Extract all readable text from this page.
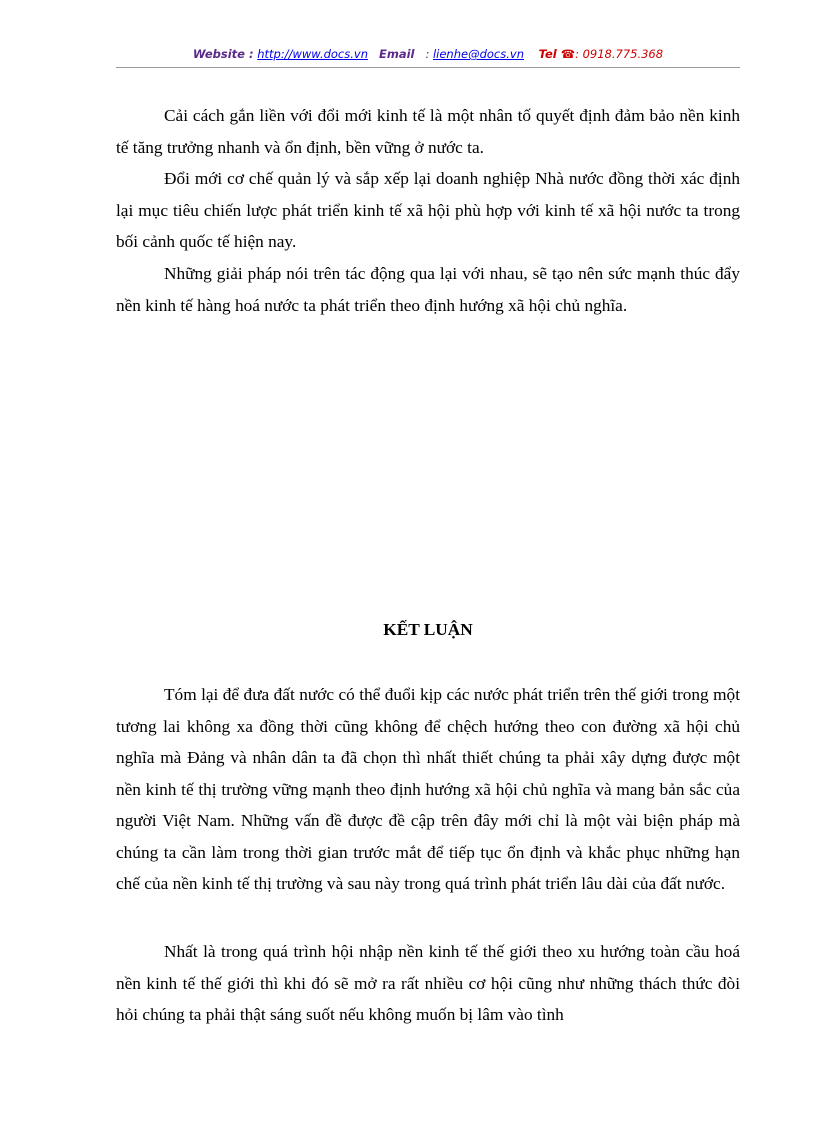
Website : http://www.docs.vn Email : lienhe@docs.vn Tel ☎: 0918.775.368

Cải cách gắn liền với đổi mới kinh tế là một nhân tố quyết định đảm bảo nền kinh tế tăng trưởng nhanh và ổn định, bền vững ở nước ta.

Đổi mới cơ chế quản lý và sắp xếp lại doanh nghiệp Nhà nước đồng thời xác định lại mục tiêu chiến lược phát triển kinh tế xã hội phù hợp với kinh tế xã hội nước ta trong bối cảnh quốc tế hiện nay.

Những giải pháp nói trên tác động qua lại với nhau, sẽ tạo nên sức mạnh thúc đẩy nền kinh tế hàng hoá nước ta phát triển theo định hướng xã hội chủ nghĩa.

KẾT LUẬN

Tóm lại để đưa đất nước có thể đuổi kịp các nước phát triển trên thế giới trong một tương lai không xa đồng thời cũng không để chệch hướng theo con đường xã hội chủ nghĩa mà Đảng và nhân dân ta đã chọn thì nhất thiết chúng ta phải xây dựng được một nền kinh tế thị trường vững mạnh theo định hướng xã hội chủ nghĩa và mang bản sắc của người Việt Nam. Những vấn đề được đề cập trên đây mới chỉ là một vài biện pháp mà chúng ta cần làm trong thời gian trước mắt để tiếp tục ổn định và khắc phục những hạn chế của nền kinh tế thị trường và sau này trong quá trình phát triển lâu dài của đất nước.

Nhất là trong quá trình hội nhập nền kinh tế thế giới theo xu hướng toàn cầu hoá nền kinh tế thế giới thì khi đó sẽ mở ra rất nhiều cơ hội cũng như những thách thức đòi hỏi chúng ta phải thật sáng suốt nếu không muốn bị lâm vào tình
